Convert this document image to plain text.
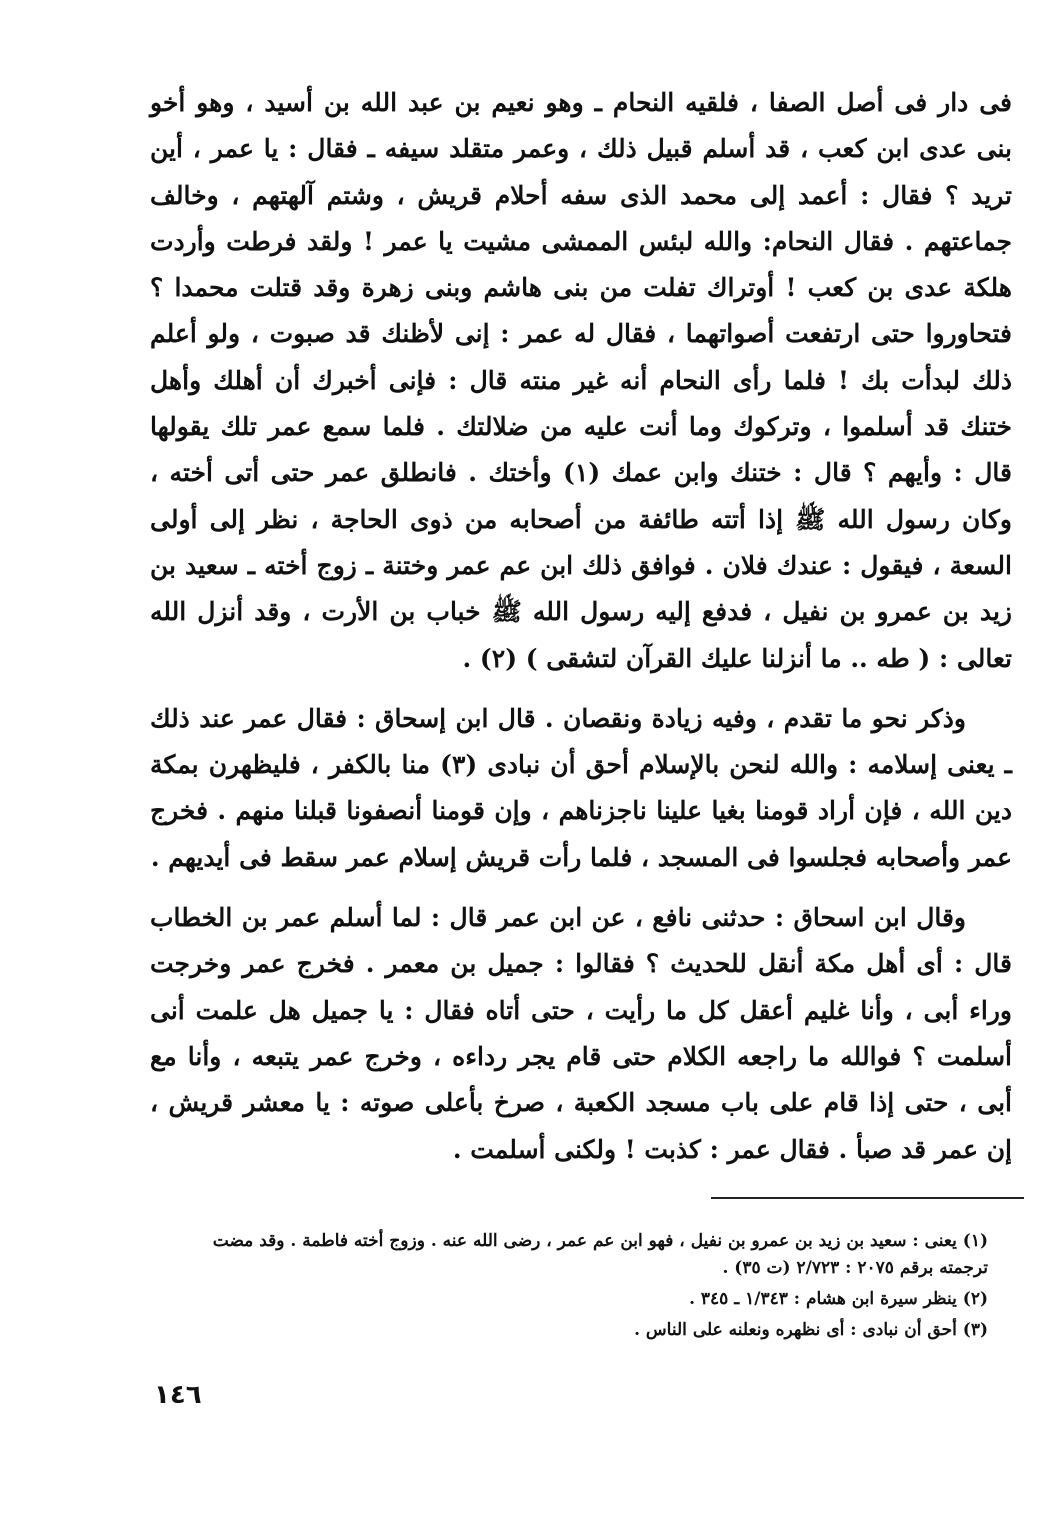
فى دار فى أصل الصفا ، فلقيه النحام ـ وهو نعيم بن عبد الله بن أسيد ، وهو أخو بنى عدى ابن كعب ، قد أسلم قبيل ذلك ، وعمر متقلد سيفه ـ فقال : يا عمر ، أين تريد ؟ فقال : أعمد إلى محمد الذى سفه أحلام قريش ، وشتم آلهتهم ، وخالف جماعتهم . فقال النحام: والله لبئس الممشى مشيت يا عمر ! ولقد فرطت وأردت هلكة عدى بن كعب ! أوتراك تفلت من بنى هاشم وبنى زهرة وقد قتلت محمدا ؟ فتحاوروا حتى ارتفعت أصواتهما ، فقال له عمر : إنى لأظنك قد صبوت ، ولو أعلم ذلك لبدأت بك ! فلما رأى النحام أنه غير منته قال : فإنى أخبرك أن أهلك وأهل ختنك قد أسلموا ، وتركوك وما أنت عليه من ضلالتك . فلما سمع عمر تلك يقولها قال : وأيهم ؟ قال : ختنك وابن عمك (١) وأختك . فانطلق عمر حتى أتى أخته ، وكان رسول الله ﷺ إذا أتته طائفة من أصحابه من ذوى الحاجة ، نظر إلى أولى السعة ، فيقول : عندك فلان . فوافق ذلك ابن عم عمر وختنة ـ زوج أخته ـ سعيد بن زيد بن عمرو بن نفيل ، فدفع إليه رسول الله ﷺ خباب بن الأرت ، وقد أنزل الله تعالى : ( طه .. ما أنزلنا عليك القرآن لتشقى ) (٢) .

وذكر نحو ما تقدم ، وفيه زيادة ونقصان . قال ابن إسحاق : فقال عمر عند ذلك ـ يعنى إسلامه : والله لنحن بالإسلام أحق أن نبادى (٣) منا بالكفر ، فليظهرن بمكة دين الله ، فإن أراد قومنا بغيا علينا ناجزناهم ، وإن قومنا أنصفونا قبلنا منهم . فخرج عمر وأصحابه فجلسوا فى المسجد ، فلما رأت قريش إسلام عمر سقط فى أيديهم .

وقال ابن اسحاق : حدثنى نافع ، عن ابن عمر قال : لما أسلم عمر بن الخطاب قال : أى أهل مكة أنقل للحديث ؟ فقالوا : جميل بن معمر . فخرج عمر وخرجت وراء أبى ، وأنا غليم أعقل كل ما رأيت ، حتى أتاه فقال : يا جميل هل علمت أنى أسلمت ؟ فوالله ما راجعه الكلام حتى قام يجر رداءه ، وخرج عمر يتبعه ، وأنا مع أبى ، حتى إذا قام على باب مسجد الكعبة ، صرخ بأعلى صوته : يا معشر قريش ، إن عمر قد صبأ . فقال عمر : كذبت ! ولكنى أسلمت .

(١) يعنى : سعيد بن زيد بن عمرو بن نفيل ، فهو ابن عم عمر ، رضى الله عنه . وزوج أخته فاطمة . وقد مضت ترجمته برقم ٢٠٧٥ : ٢/٧٢٣ (ت ٣٥) .

(٢) ينظر سيرة ابن هشام : ١/٣٤٣ ـ ٣٤٥ .

(٣) أحق أن نبادى : أى نظهره ونعلنه على الناس .

١٤٦
